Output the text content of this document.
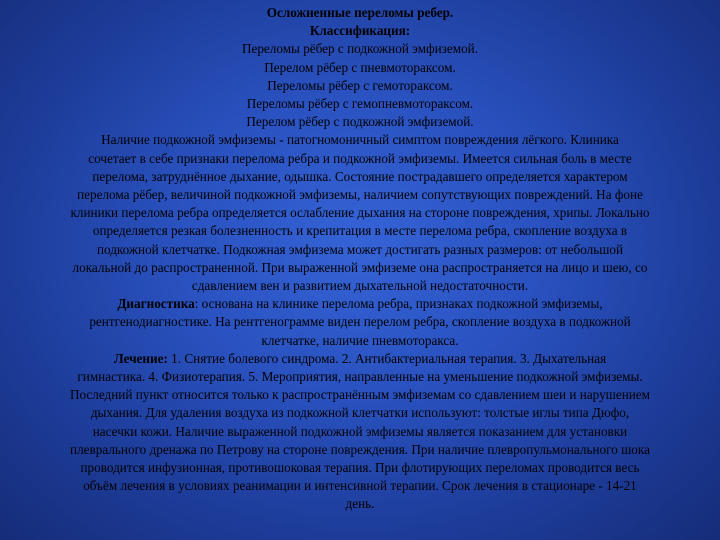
Осложненные переломы ребер.
Классификация:
Переломы рёбер с подкожной эмфиземой.
Перелом рёбер с пневмотораксом.
Переломы рёбер с гемотораксом.
Переломы рёбер с гемопневмотораксом.
Перелом рёбер с подкожной эмфиземой.
Наличие подкожной эмфиземы - патогномоничный симптом повреждения лёгкого. Клиника
сочетает в себе признаки перелома ребра и подкожной эмфиземы. Имеется сильная боль в месте
перелома, затруднённое дыхание, одышка. Состояние пострадавшего определяется характером
перелома рёбер, величиной подкожной эмфиземы, наличием сопутствующих повреждений. На фоне
клиники перелома ребра определяется ослабление дыхания на стороне повреждения, хрипы. Локально
определяется резкая болезненность и крепитация в месте перелома ребра, скопление воздуха в
подкожной клетчатке. Подкожная эмфизема может достигать разных размеров: от небольшой
локальной до распространенной. При выраженной эмфиземе она распространяется на лицо и шею, со
сдавлением вен и развитием дыхательной недостаточности.
Диагностика: основана на клинике перелома ребра, признаках подкожной эмфиземы,
рентгенодиагностике. На рентгенограмме виден перелом ребра, скопление воздуха в подкожной
клетчатке, наличие пневмоторакса.
Лечение: 1. Снятие болевого синдрома. 2. Антибактериальная терапия. 3. Дыхательная
гимнастика. 4. Физиотерапия. 5. Мероприятия, направленные на уменьшение подкожной эмфиземы.
Последний пункт относится только к распространённым эмфиземам со сдавлением шеи и нарушением
дыхания. Для удаления воздуха из подкожной клетчатки используют: толстые иглы типа Дюфо,
насечки кожи. Наличие выраженной подкожной эмфиземы является показанием для установки
плеврального дренажа по Петрову на стороне повреждения. При наличие плевропульмонального шока
проводится инфузионная, противошоковая терапия. При флотирующих переломах проводится весь
объём лечения в условиях реанимации и интенсивной терапии. Срок лечения в стационаре - 14-21
день.
